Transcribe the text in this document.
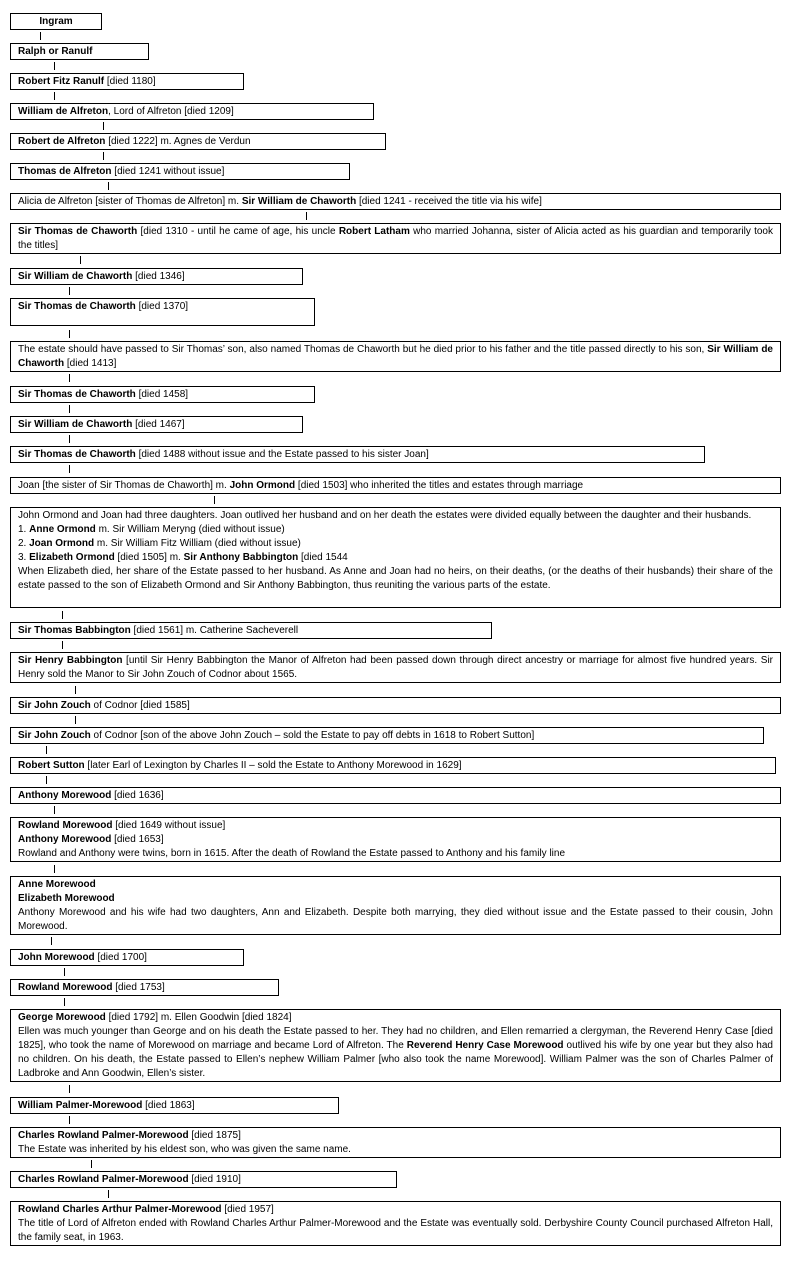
Ingram
Ralph or Ranulf
Robert Fitz Ranulf [died 1180]
William de Alfreton, Lord of Alfreton [died 1209]
Robert de Alfreton [died 1222] m. Agnes de Verdun
Thomas de Alfreton [died 1241 without issue]
Alicia de Alfreton [sister of Thomas de Alfreton] m. Sir William de Chaworth [died 1241 - received the title via his wife]
Sir Thomas de Chaworth [died 1310 - until he came of age, his uncle Robert Latham who married Johanna, sister of Alicia acted as his guardian and temporarily took the titles]
Sir William de Chaworth [died 1346]
Sir Thomas de Chaworth [died 1370]
The estate should have passed to Sir Thomas’ son, also named Thomas de Chaworth but he died prior to his father and the title passed directly to his son, Sir William de Chaworth [died 1413]
Sir Thomas de Chaworth [died 1458]
Sir William de Chaworth [died 1467]
Sir Thomas de Chaworth [died 1488 without issue and the Estate passed to his sister Joan]
Joan [the sister of Sir Thomas de Chaworth] m. John Ormond [died 1503] who inherited the titles and estates through marriage

John Ormond and Joan had three daughters. Joan outlived her husband and on her death the estates were divided equally between the daughter and their husbands.

1. Anne Ormond m. Sir William Meryng (died without issue)

2. Joan Ormond m. Sir William Fitz William (died without issue)

3. Elizabeth Ormond [died 1505] m. Sir Anthony Babbington [died 1544

When Elizabeth died, her share of the Estate passed to her husband. As Anne and Joan had no heirs, on their deaths, (or the deaths of their husbands) their share of the estate passed to the son of Elizabeth Ormond and Sir Anthony Babbington, thus reuniting the various parts of the estate.

Sir Thomas Babbington [died 1561] m. Catherine Sacheverell
Sir Henry Babbington [until Sir Henry Babbington the Manor of Alfreton had been passed down through direct ancestry or marriage for almost five hundred years. Sir Henry sold the Manor to Sir John Zouch of Codnor about 1565.
Sir John Zouch of Codnor [died 1585]
Sir John Zouch of Codnor [son of the above John Zouch – sold the Estate to pay off debts in 1618 to Robert Sutton]
Robert Sutton [later Earl of Lexington by Charles II – sold the Estate to Anthony Morewood in 1629]
Anthony Morewood [died 1636]

Rowland Morewood [died 1649 without issue]

Anthony Morewood [died 1653]

Rowland and Anthony were twins, born in 1615. After the death of Rowland the Estate passed to Anthony and his family line

Anne Morewood

Elizabeth Morewood

Anthony Morewood and his wife had two daughters, Ann and Elizabeth. Despite both marrying, they died without issue and the Estate passed to their cousin, John Morewood.

John Morewood [died 1700]
Rowland Morewood [died 1753]

George Morewood [died 1792] m. Ellen Goodwin [died 1824]

Ellen was much younger than George and on his death the Estate passed to her. They had no children, and Ellen remarried a clergyman, the Reverend Henry Case [died 1825], who took the name of Morewood on marriage and became Lord of Alfreton. The Reverend Henry Case Morewood outlived his wife by one year but they also had no children. On his death, the Estate passed to Ellen’s nephew William Palmer [who also took the name Morewood]. William Palmer was the son of Charles Palmer of Ladbroke and Ann Goodwin, Ellen’s sister.

William Palmer-Morewood [died 1863]

Charles Rowland Palmer-Morewood [died 1875]

The Estate was inherited by his eldest son, who was given the same name.

Charles Rowland Palmer-Morewood [died 1910]

Rowland Charles Arthur Palmer-Morewood [died 1957]

The title of Lord of Alfreton ended with Rowland Charles Arthur Palmer-Morewood and the Estate was eventually sold. Derbyshire County Council purchased Alfreton Hall, the family seat, in 1963.
